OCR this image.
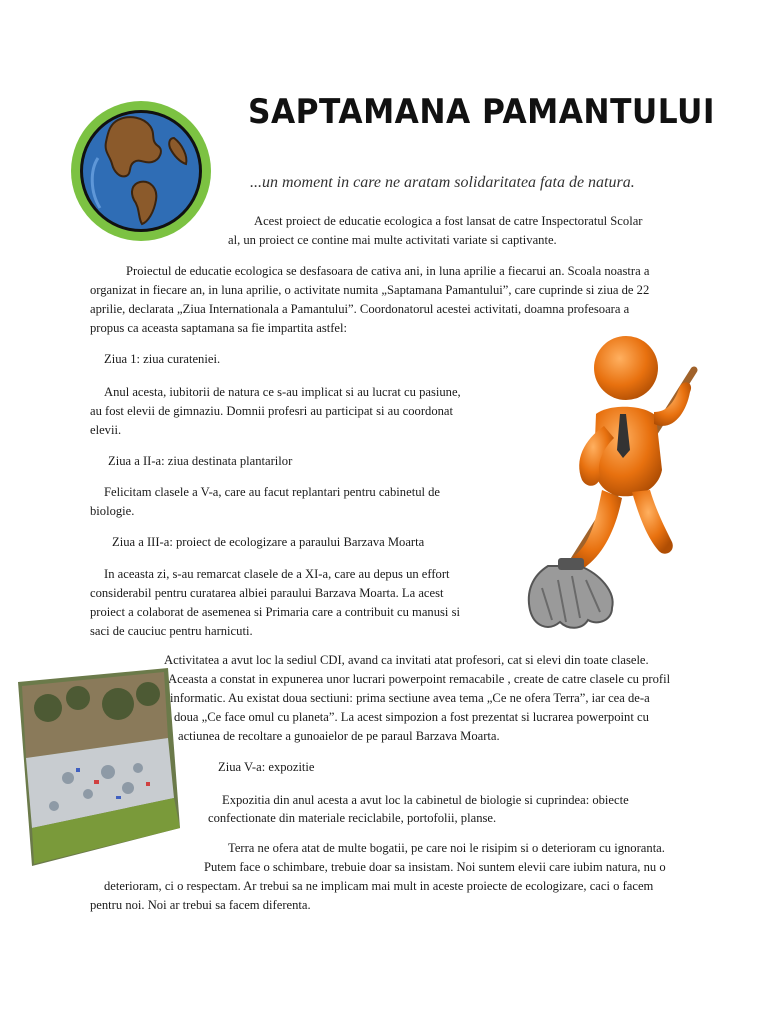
SAPTAMANA PAMANTULUI
...un moment in care ne aratam solidaritatea fata de natura.
Acest proiect de educatie ecologica a fost lansat de catre Inspectoratul Scolar
al, un proiect ce contine mai multe activitati variate si captivante.
Proiectul de educatie ecologica se desfasoara de cativa ani, in luna aprilie a fiecarui an. Scoala noastra a
organizat in fiecare an, in luna aprilie, o activitate numita „Saptamana Pamantului”, care cuprinde si ziua de 22
aprilie, declarata „Ziua Internationala a Pamantului”. Coordonatorul acestei activitati, doamna profesoara a
propus ca aceasta saptamana sa fie impartita astfel:
Ziua 1: ziua curateniei.
Anul acesta, iubitorii de natura ce s-au implicat si au lucrat cu pasiune,
au fost elevii de gimnaziu. Domnii profesri au participat si au coordonat
elevii.
Ziua a II-a: ziua destinata plantarilor
Felicitam clasele a V-a, care au facut replantari pentru cabinetul de
biologie.
Ziua a III-a: proiect de ecologizare a paraului Barzava Moarta
In aceasta zi, s-au remarcat clasele de a XI-a, care au depus un effort
considerabil pentru curatarea albiei paraului Barzava Moarta. La acest
proiect a colaborat de asemenea si Primaria care a contribuit cu manusi si
saci de cauciuc pentru harnicuti.
Activitatea a avut loc la sediul CDI, avand ca invitati atat profesori, cat si elevi din toate clasele.
Aceasta a constat in expunerea unor lucrari powerpoint remacabile , create de catre clasele cu profil
informatic. Au existat doua sectiuni: prima sectiune avea tema „Ce ne ofera Terra”, iar cea de-a
doua „Ce face omul cu planeta”. La acest simpozion a fost prezentat si lucrarea powerpoint cu
actiunea de recoltare a gunoaielor de pe paraul Barzava Moarta.
Ziua V-a: expozitie
Expozitia din anul acesta a avut loc la cabinetul de biologie si cuprindea: obiecte
confectionate din materiale reciclabile, portofolii, planse.
Terra ne ofera atat de multe bogatii, pe care noi le risipim si o deterioram cu ignoranta.
Putem face o schimbare, trebuie doar sa insistam. Noi suntem elevii care iubim natura, nu o
deterioram, ci o respectam. Ar trebui sa ne implicam mai mult in aceste proiecte de ecologizare, caci o facem
pentru noi. Noi ar trebui sa facem diferenta.
